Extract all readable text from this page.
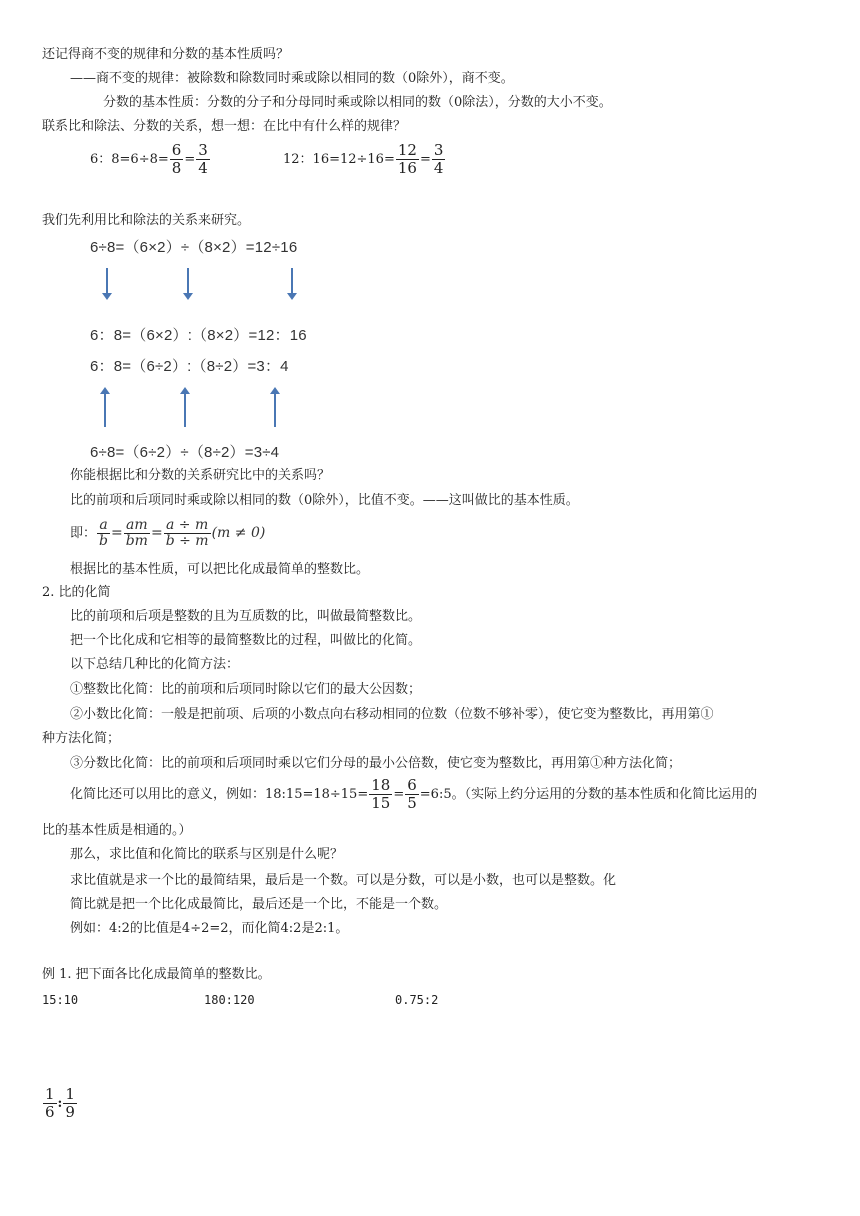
还记得商不变的规律和分数的基本性质吗？
——商不变的规律：被除数和除数同时乘或除以相同的数（0除外），商不变。
分数的基本性质：分数的分子和分母同时乘或除以相同的数（0除法），分数的大小不变。
联系比和除法、分数的关系，想一想：在比中有什么样的规律？
6：$8=6\div 8= \frac{6}{8} = \frac{3}{4}$	12：$16=12\div 16= \frac{12}{16} = \frac{3}{4}$
我们先利用比和除法的关系来研究。
6÷8=（6×2）÷（8×2）=12÷16
6：8=（6×2）:（8×2）=12：16
6：8=（6÷2）:（8÷2）=3：4
6÷8=（6÷2）÷（8÷2）=3÷4
你能根据比和分数的关系研究比中的关系吗？
比的前项和后项同时乘或除以相同的数（0除外），比值不变。——这叫做比的基本性质。
即： $\frac{a}{b} = \frac{am}{bm} = \frac{a \div m}{b \div m} (m \ne 0)$
根据比的基本性质，可以把比化成最简单的整数比。
2. 比的化简
比的前项和后项是整数的且为互质数的比，叫做最简整数比。
把一个比化成和它相等的最简整数比的过程，叫做比的化简。
以下总结几种比的化简方法：
①整数比化简：比的前项和后项同时除以它们的最大公因数；
②小数比化简：一般是把前项、后项的小数点向右移动相同的位数（位数不够补零），使它变为整数比，再用第①
种方法化简；
③分数比化简：比的前项和后项同时乘以它们分母的最小公倍数，使它变为整数比，再用第①种方法化简；
化简比还可以用比的意义，例如：18:15=18÷15= $\frac{18}{15} = \frac{6}{5}$ =6:5。（实际上约分运用的分数的基本性质和化简比运用的
比的基本性质是相通的。）
那么，求比值和化简比的联系与区别是什么呢？
求比值就是求一个比的最简结果，最后是一个数。可以是分数，可以是小数，也可以是整数。化
简比就是把一个比化成最简比，最后还是一个比，不能是一个数。
例如：4:2的比值是4÷2=2，而化简4:2是2:1。
例 1. 把下面各比化成最简单的整数比。
15:10	180:120	0.75:2
$\frac{1}{6}$ : $\frac{1}{9}$
